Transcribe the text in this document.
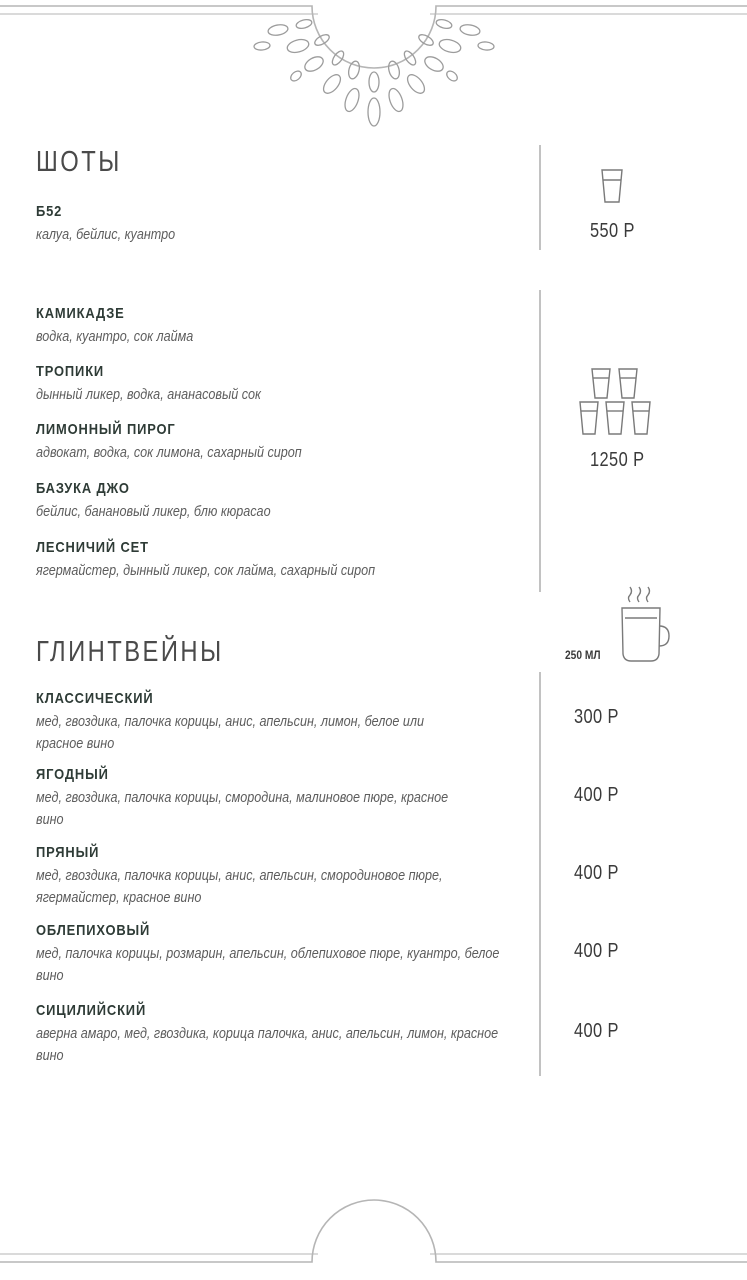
ШОТЫ

Б52

калуа, бейлис, куантро	550 Р

КАМИКАДЗЕ

водка, куантро, сок лайма

ТРОПИКИ

дынный ликер, водка, ананасовый сок

ЛИМОННЫЙ ПИРОГ

адвокат, водка, сок лимона, сахарный сироп

БАЗУКА ДЖО

бейлис, банановый ликер, блю кюрасао

ЛЕСНИЧИЙ СЕТ

ягермайстер, дынный ликер, сок лайма, сахарный сироп

1250 Р
ГЛИНТВЕЙНЫ	250 МЛ

КЛАССИЧЕСКИЙ

мед, гвоздика, палочка корицы, анис, апельсин, лимон, белое или красное вино

300 Р

ЯГОДНЫЙ

мед, гвоздика, палочка корицы, смородина, малиновое пюре, красное вино

400 Р

ПРЯНЫЙ

мед, гвоздика, палочка корицы, анис, апельсин, смородиновое пюре, ягермайстер, красное вино

400 Р

ОБЛЕПИХОВЫЙ

мед, палочка корицы, розмарин, апельсин, облепиховое пюре, куантро, белое вино

400 Р

СИЦИЛИЙСКИЙ

аверна амаро, мед, гвоздика, корица палочка, анис, апельсин, лимон, красное вино

400 Р
